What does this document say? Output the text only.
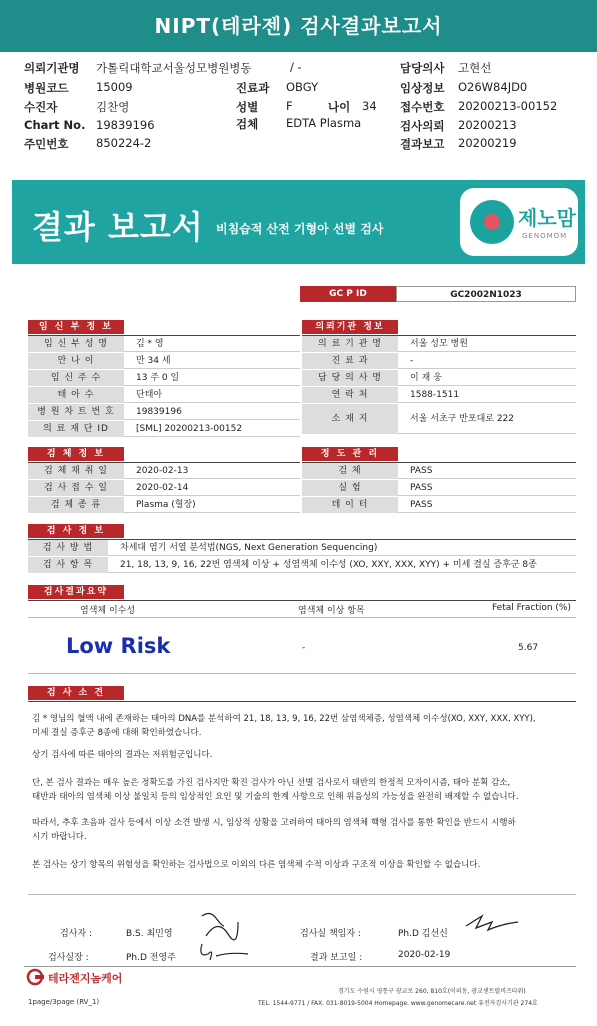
NIPT(테라젠) 검사결과보고서
의뢰기관명 가톨릭대학교서울성모병원병동	/ -	담당의사 고현선
병원코드 15009	진료과 OBGY	임상정보 O26W84JD0
수진자	김찬영	성별 F	나이 34 접수번호 20200213-00152
Chart No. 19839196	검체 EDTA Plasma	검사의뢰 20200213
주민번호 850224-2	결과보고 20200219
결과 보고서 비침습적 산전 기형아 선별 검사	제노맘
GENOMOM
GC P ID	GC2002N1023
임 신 부 정 보
임 신 부 성 명	김 * 영
만 나 이	만 34 세
임 신 주 수	13 주 0 일
태 아 수	단태아
병 원 차 트 번 호	19839196
의 료 재 단 ID	[SML] 20200213-00152
의뢰기관 정보
의 료 기 관 명	서울 성모 병원
진 료 과	-
담 당 의 사 명	이 재 웅
연 락 처	1588-1511
소 재 지	서울 서초구 반포대로 222
검 체 정 보
검 체 채 취 일	2020-02-13
검 사 접 수 일	2020-02-14
검 체 종 류	Plasma (혈장)
정 도 관 리
검 체	PASS
실 험	PASS
데 이 터	PASS
검 사 정 보
검 사 방 법	차세대 염기 서열 분석법(NGS, Next Generation Sequencing)
검 사 항 목	21, 18, 13, 9, 16, 22번 염색체 이상 + 성염색체 이수성 (XO, XXY, XXX, XYY) + 미세 결실 증후군 8종
검사결과요약
염색체 이수성	염색체 이상 항목	Fetal Fraction (%)
Low Risk	-	5.67
검 사 소 견
김 * 영님의 혈액 내에 존재하는 태아의 DNA를 분석하여 21, 18, 13, 9, 16, 22번 삼염색체증, 성염색체 이수성(XO, XXY, XXX, XYY),
미세 결실 증후군 8종에 대해 확인하였습니다.
상기 검사에 따른 태아의 결과는 저위험군입니다.
단, 본 검사 결과는 매우 높은 정확도를 가진 검사지만 확진 검사가 아닌 선별 검사로서 태반의 한정적 모자이시즘, 태아 분획 감소,
태반과 태아의 염색체 이상 불일치 등의 임상적인 요인 및 기술의 한계 사항으로 인해 위음성의 가능성을 완전히 배제할 수 없습니다.
따라서, 추후 초음파 검사 등에서 이상 소견 발생 시, 임상적 상황을 고려하여 태아의 염색체 핵형 검사를 통한 확인을 반드시 시행하
시기 바랍니다.
본 검사는 상기 항목의 위험성을 확인하는 검사법으로 이외의 다른 염색체 수적 이상과 구조적 이상을 확인할 수 없습니다.
검사자 :	B.S. 최민영	검사실 책임자 :	Ph.D 김선신
검사실장 :	Ph.D 전영주	결과 보고일 :	2020-02-19
테라젠지놈케어
1page/3page (RV_1)
경기도 수원시 영통구 광교로 260, 810호(이의동, 광교센트럴비즈타워)
TEL. 1544-9771 / FAX. 031-8019-5004 Homepage. www.genomecare.net 유전자검사기관 274호
